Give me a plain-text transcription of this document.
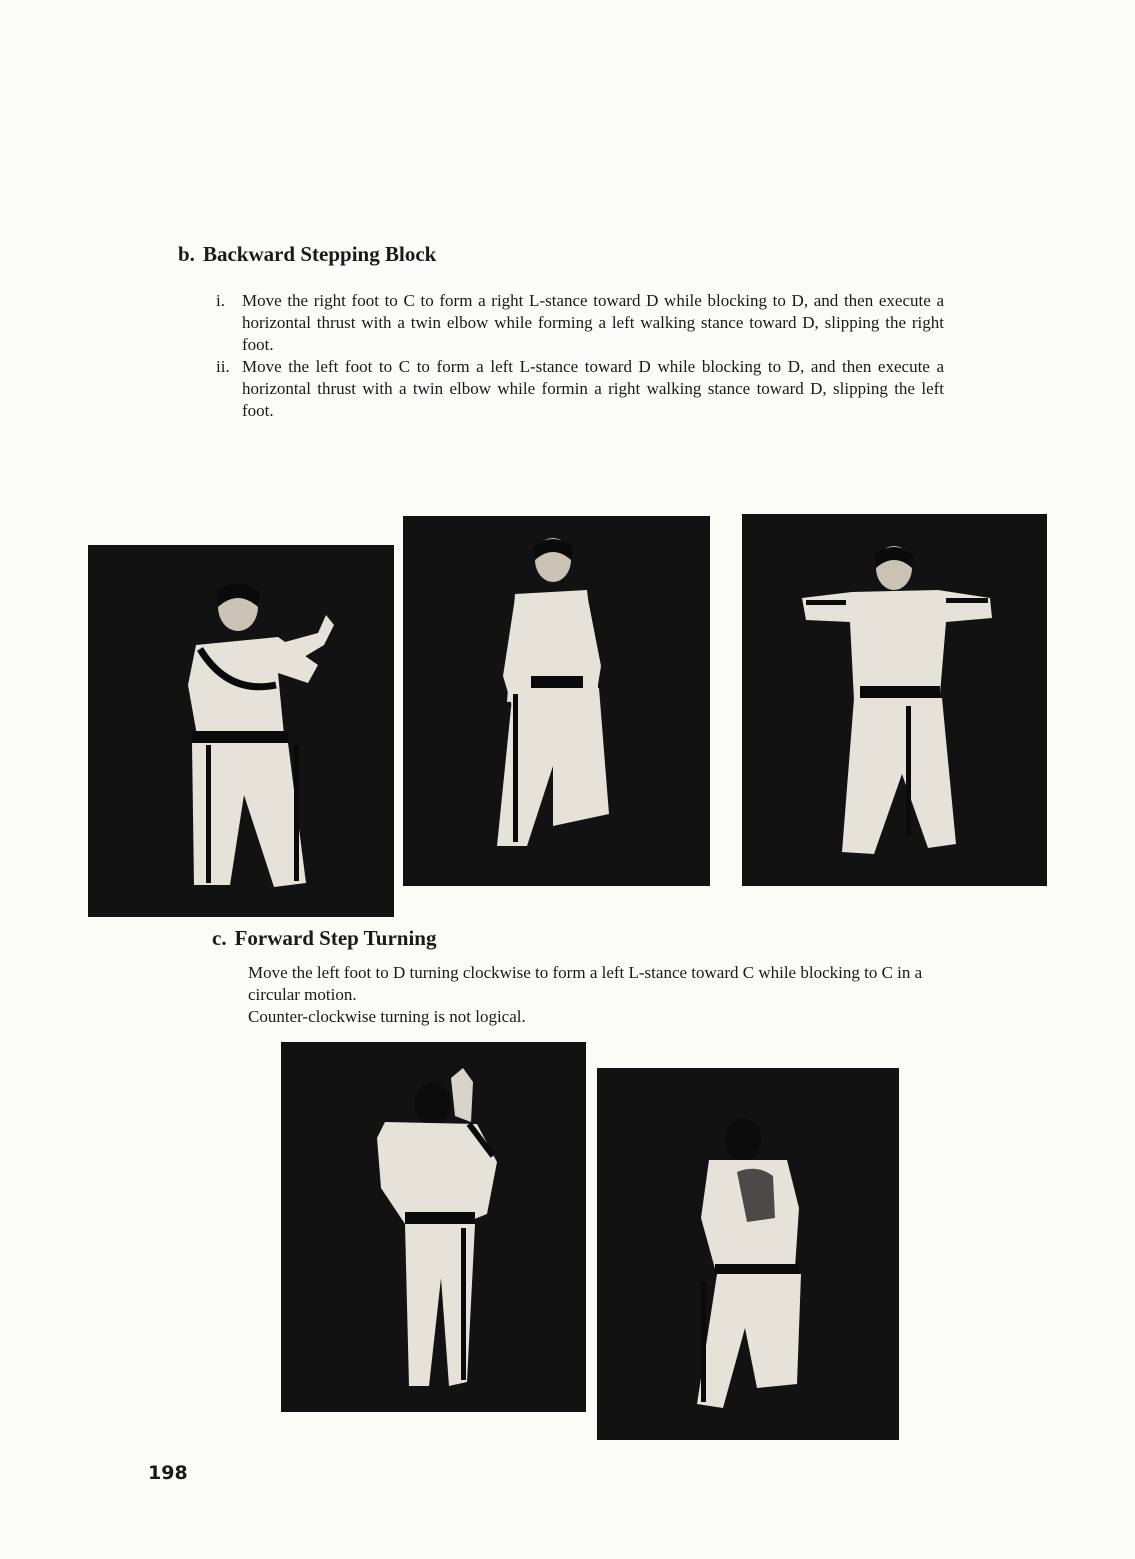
b. Backward Stepping Block
i.	Move the right foot to C to form a right L-stance toward D while blocking to D, and then execute a horizontal thrust with a twin elbow while forming a left walking stance toward D, slipping the right foot.
ii. Move the left foot to C to form a left L-stance toward D while blocking to D, and then execute a horizontal thrust with a twin elbow while formin a right walking stance toward D, slipping the left foot.
c. Forward Step Turning
Move the left foot to D turning clockwise to form a left L-stance toward C while blocking to C in a circular motion.
Counter-clockwise turning is not logical.
198
